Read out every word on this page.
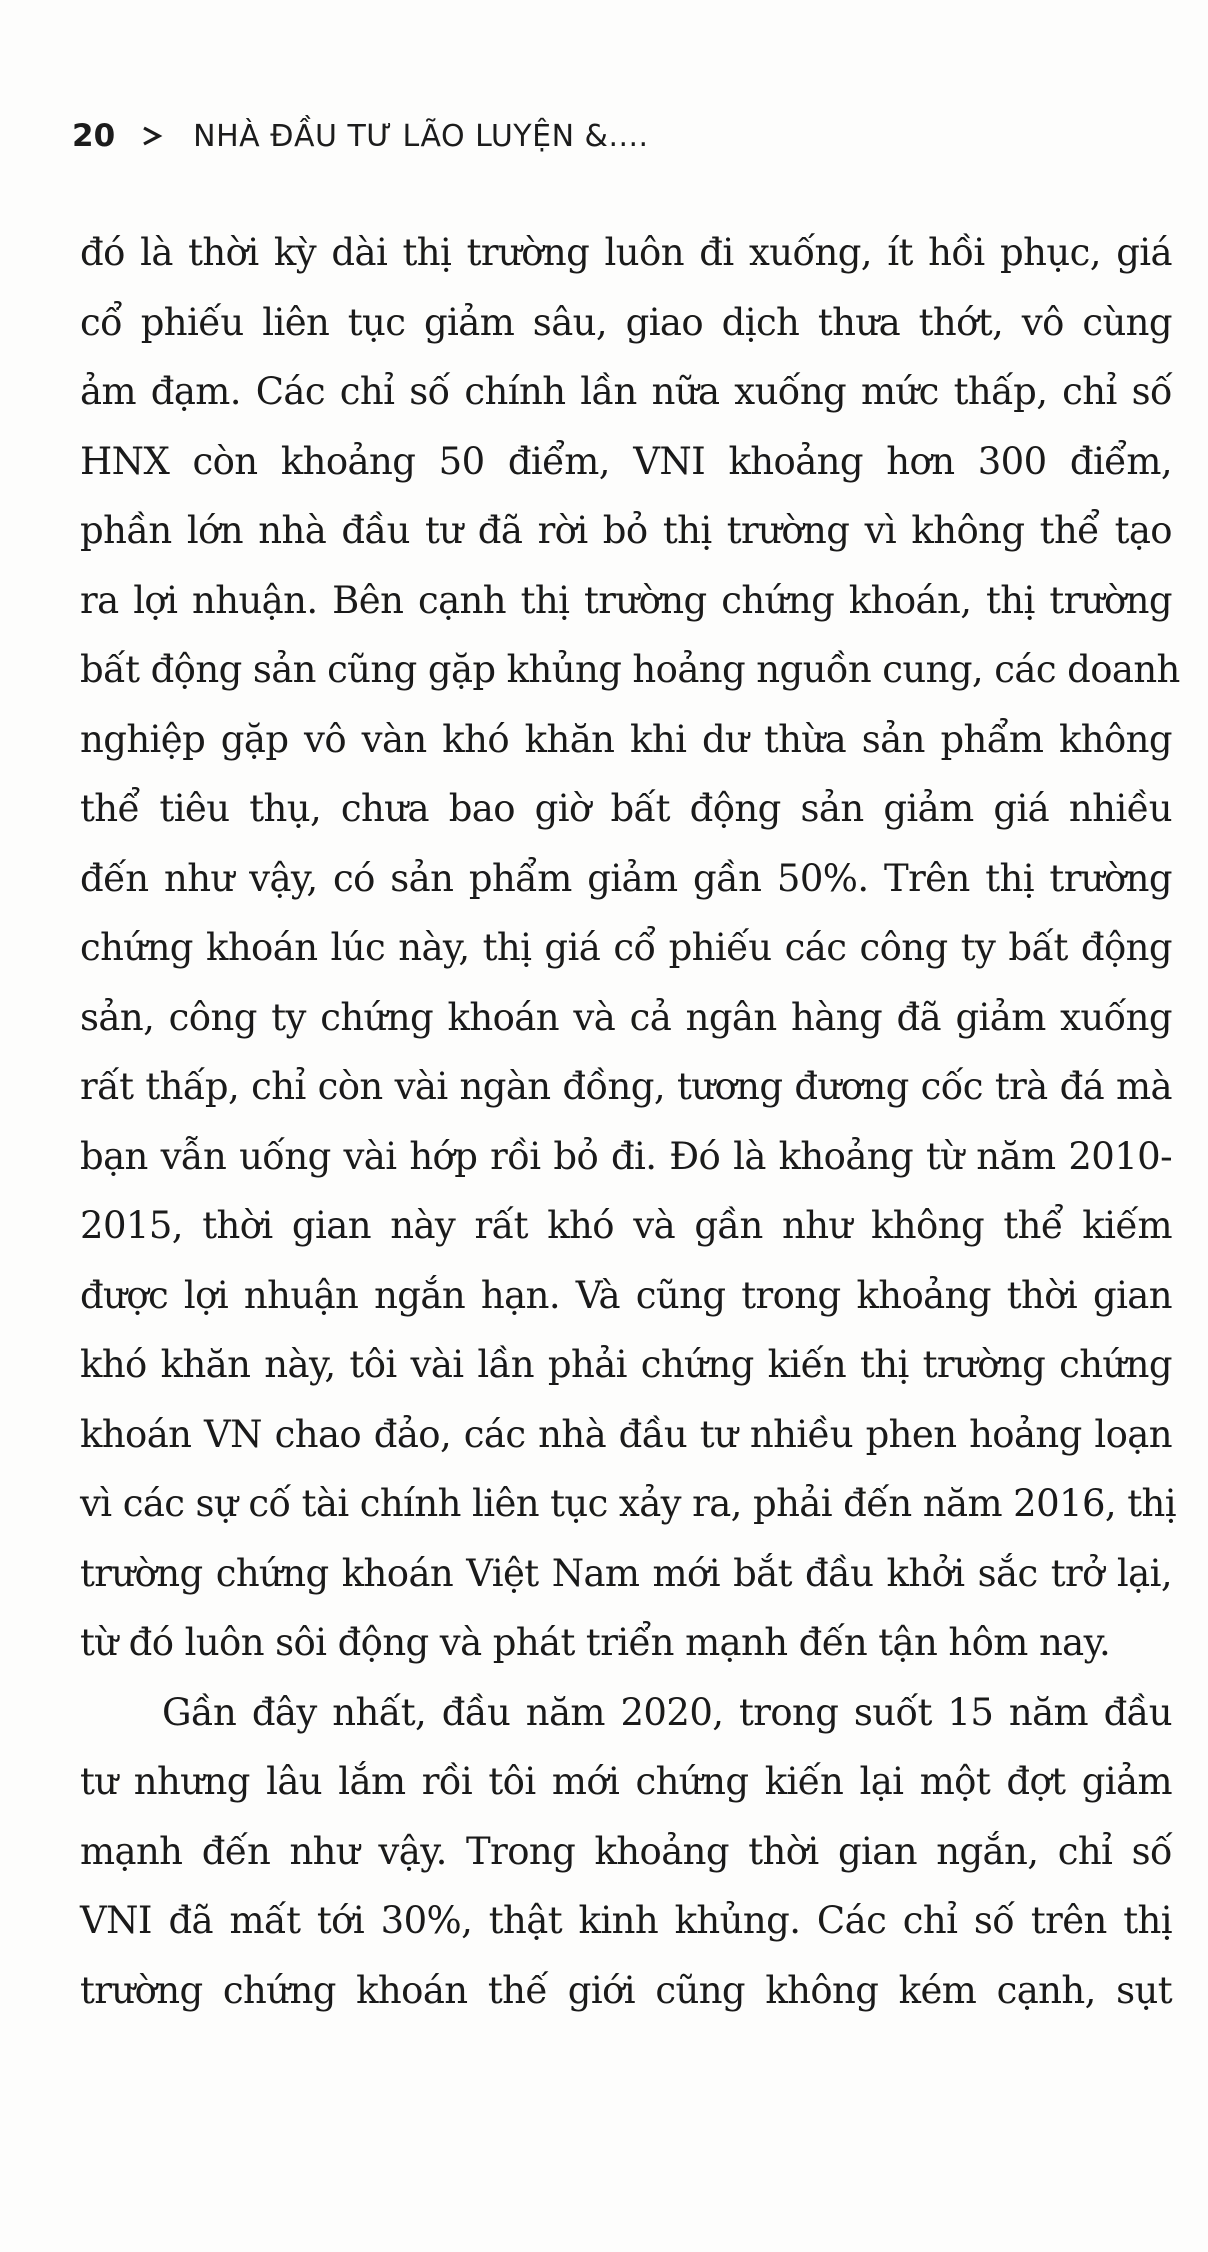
20	NHÀ ĐẦU TƯ LÃO LUYỆN &....
đó là thời kỳ dài thị trường luôn đi xuống, ít hồi phục, giá
cổ phiếu liên tục giảm sâu, giao dịch thưa thớt, vô cùng
ảm đạm. Các chỉ số chính lần nữa xuống mức thấp, chỉ số
HNX còn khoảng 50 điểm, VNI khoảng hơn 300 điểm,
phần lớn nhà đầu tư đã rời bỏ thị trường vì không thể tạo
ra lợi nhuận. Bên cạnh thị trường chứng khoán, thị trường
bất động sản cũng gặp khủng hoảng nguồn cung, các doanh
nghiệp gặp vô vàn khó khăn khi dư thừa sản phẩm không
thể tiêu thụ, chưa bao giờ bất động sản giảm giá nhiều
đến như vậy, có sản phẩm giảm gần 50%. Trên thị trường
chứng khoán lúc này, thị giá cổ phiếu các công ty bất động
sản, công ty chứng khoán và cả ngân hàng đã giảm xuống
rất thấp, chỉ còn vài ngàn đồng, tương đương cốc trà đá mà
bạn vẫn uống vài hớp rồi bỏ đi. Đó là khoảng từ năm 2010-
2015, thời gian này rất khó và gần như không thể kiếm
được lợi nhuận ngắn hạn. Và cũng trong khoảng thời gian
khó khăn này, tôi vài lần phải chứng kiến thị trường chứng
khoán VN chao đảo, các nhà đầu tư nhiều phen hoảng loạn
vì các sự cố tài chính liên tục xảy ra, phải đến năm 2016, thị
trường chứng khoán Việt Nam mới bắt đầu khởi sắc trở lại,
từ đó luôn sôi động và phát triển mạnh đến tận hôm nay.
Gần đây nhất, đầu năm 2020, trong suốt 15 năm đầu
tư nhưng lâu lắm rồi tôi mới chứng kiến lại một đợt giảm
mạnh đến như vậy. Trong khoảng thời gian ngắn, chỉ số
VNI đã mất tới 30%, thật kinh khủng. Các chỉ số trên thị
trường chứng khoán thế giới cũng không kém cạnh, sụt
